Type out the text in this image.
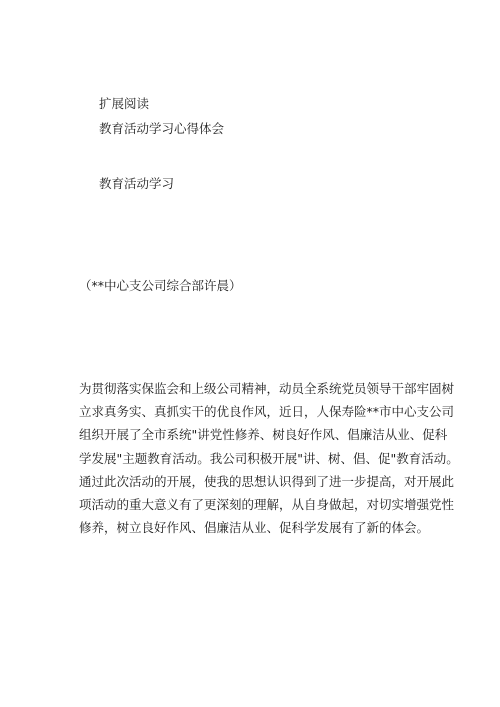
扩展阅读
教育活动学习心得体会
教育活动学习
（**中心支公司综合部许晨）
为贯彻落实保监会和上级公司精神，动员全系统党员领导干部牢固树
立求真务实、真抓实干的优良作风，近日，人保寿险**市中心支公司
组织开展了全市系统"讲党性修养、树良好作风、倡廉洁从业、促科
学发展"主题教育活动。我公司积极开展"讲、树、倡、促"教育活动。
通过此次活动的开展，使我的思想认识得到了进一步提高，对开展此
项活动的重大意义有了更深刻的理解，从自身做起，对切实增强党性
修养，树立良好作风、倡廉洁从业、促科学发展有了新的体会。
